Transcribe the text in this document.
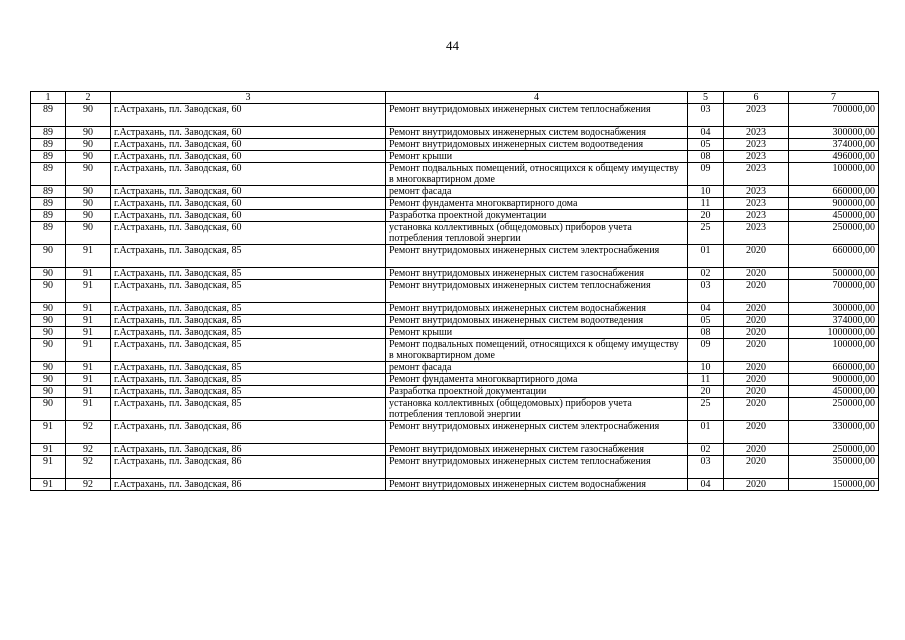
44
1	2	3	4	5	6	7
89	90	г.Астрахань, пл. Заводская, 60	Ремонт внутридомовых инженерных систем теплоснабжения	03	2023	700000,00
89	90	г.Астрахань, пл. Заводская, 60	Ремонт внутридомовых инженерных систем водоснабжения	04	2023	300000,00
89	90	г.Астрахань, пл. Заводская, 60	Ремонт внутридомовых инженерных систем водоотведения	05	2023	374000,00
89	90	г.Астрахань, пл. Заводская, 60	Ремонт крыши	08	2023	496000,00
89	90	г.Астрахань, пл. Заводская, 60	Ремонт подвальных помещений, относящихся к общему имуществу в многоквартирном доме	09	2023	100000,00
89	90	г.Астрахань, пл. Заводская, 60	ремонт фасада	10	2023	660000,00
89	90	г.Астрахань, пл. Заводская, 60	Ремонт фундамента многоквартирного дома	11	2023	900000,00
89	90	г.Астрахань, пл. Заводская, 60	Разработка проектной документации	20	2023	450000,00
89	90	г.Астрахань, пл. Заводская, 60	установка коллективных (общедомовых) приборов учета потребления тепловой энергии	25	2023	250000,00
90	91	г.Астрахань, пл. Заводская, 85	Ремонт внутридомовых инженерных систем электроснабжения	01	2020	660000,00
90	91	г.Астрахань, пл. Заводская, 85	Ремонт внутридомовых инженерных систем газоснабжения	02	2020	500000,00
90	91	г.Астрахань, пл. Заводская, 85	Ремонт внутридомовых инженерных систем теплоснабжения	03	2020	700000,00
90	91	г.Астрахань, пл. Заводская, 85	Ремонт внутридомовых инженерных систем водоснабжения	04	2020	300000,00
90	91	г.Астрахань, пл. Заводская, 85	Ремонт внутридомовых инженерных систем водоотведения	05	2020	374000,00
90	91	г.Астрахань, пл. Заводская, 85	Ремонт крыши	08	2020	1000000,00
90	91	г.Астрахань, пл. Заводская, 85	Ремонт подвальных помещений, относящихся к общему имуществу в многоквартирном доме	09	2020	100000,00
90	91	г.Астрахань, пл. Заводская, 85	ремонт фасада	10	2020	660000,00
90	91	г.Астрахань, пл. Заводская, 85	Ремонт фундамента многоквартирного дома	11	2020	900000,00
90	91	г.Астрахань, пл. Заводская, 85	Разработка проектной документации	20	2020	450000,00
90	91	г.Астрахань, пл. Заводская, 85	установка коллективных (общедомовых) приборов учета потребления тепловой энергии	25	2020	250000,00
91	92	г.Астрахань, пл. Заводская, 86	Ремонт внутридомовых инженерных систем электроснабжения	01	2020	330000,00
91	92	г.Астрахань, пл. Заводская, 86	Ремонт внутридомовых инженерных систем газоснабжения	02	2020	250000,00
91	92	г.Астрахань, пл. Заводская, 86	Ремонт внутридомовых инженерных систем теплоснабжения	03	2020	350000,00
91	92	г.Астрахань, пл. Заводская, 86	Ремонт внутридомовых инженерных систем водоснабжения	04	2020	150000,00
